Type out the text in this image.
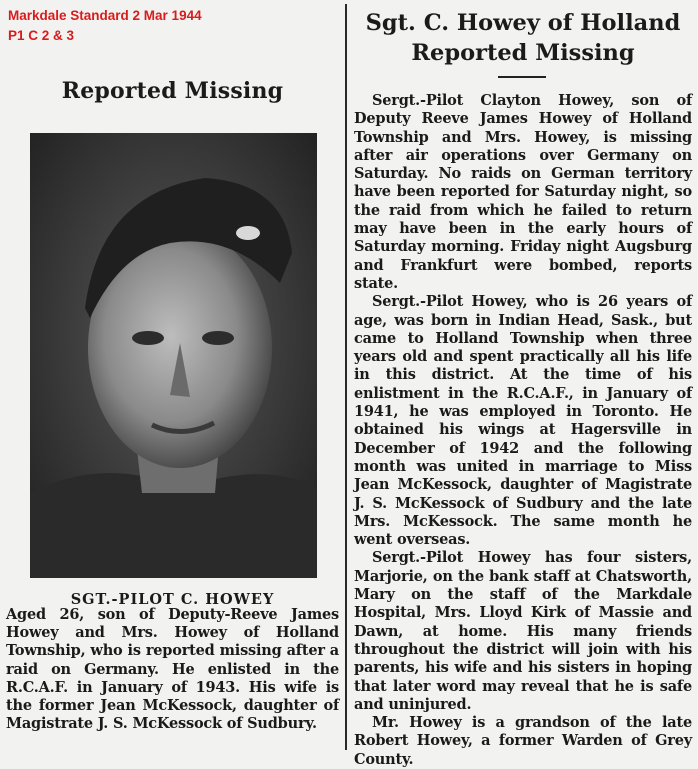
Markdale Standard 2 Mar 1944
P1 C 2 & 3
Reported Missing
SGT.-PILOT C. HOWEY
Aged 26, son of Deputy-Reeve James Howey and Mrs. Howey of Holland Township, who is reported missing after a raid on Germany. He enlisted in the R.C.A.F. in January of 1943. His wife is the former Jean McKessock, daughter of Magistrate J. S. McKessock of Sudbury.
Sgt. C. Howey of Holland
Reported Missing

Sergt.-Pilot Clayton Howey, son of Deputy Reeve James Howey of Holland Township and Mrs. Howey, is missing after air operations over Germany on Saturday. No raids on German territory have been reported for Saturday night, so the raid from which he failed to return may have been in the early hours of Saturday morning. Friday night Augsburg and Frankfurt were bombed, reports state.

Sergt.-Pilot Howey, who is 26 years of age, was born in Indian Head, Sask., but came to Holland Township when three years old and spent practically all his life in this district. At the time of his enlistment in the R.C.A.F., in January of 1941, he was employed in Toronto. He obtained his wings at Hagersville in December of 1942 and the following month was united in marriage to Miss Jean McKessock, daughter of Magistrate J. S. McKessock of Sudbury and the late Mrs. McKessock. The same month he went overseas.

Sergt.-Pilot Howey has four sisters, Marjorie, on the bank staff at Chatsworth, Mary on the staff of the Markdale Hospital, Mrs. Lloyd Kirk of Massie and Dawn, at home. His many friends throughout the district will join with his parents, his wife and his sisters in hoping that later word may reveal that he is safe and uninjured.

Mr. Howey is a grandson of the late Robert Howey, a former Warden of Grey County.
